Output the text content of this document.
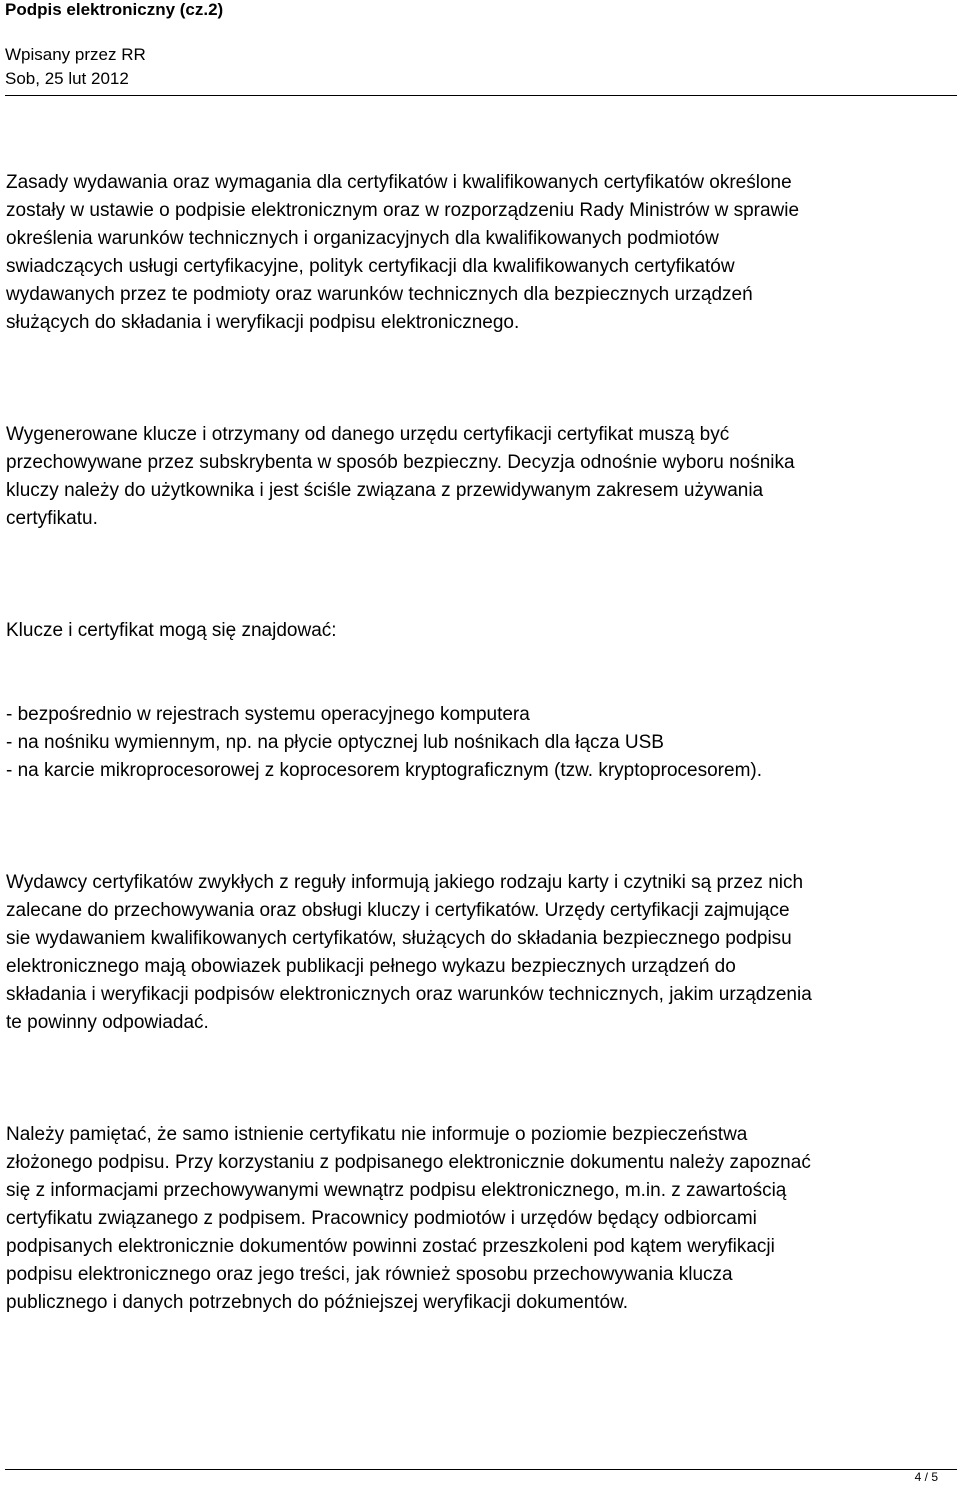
Podpis elektroniczny (cz.2)
Wpisany przez RR
Sob, 25 lut 2012
Zasady wydawania oraz wymagania dla certyfikatów i kwalifikowanych certyfikatów określone
zostały w ustawie o podpisie elektronicznym oraz w rozporządzeniu Rady Ministrów w sprawie
określenia warunków technicznych i organizacyjnych dla kwalifikowanych podmiotów
swiadczących usługi certyfikacyjne, polityk certyfikacji dla kwalifikowanych certyfikatów
wydawanych przez te podmioty oraz warunków technicznych dla bezpiecznych urządzeń
służących do składania i weryfikacji podpisu elektronicznego.
Wygenerowane klucze i otrzymany od danego urzędu certyfikacji certyfikat muszą być
przechowywane przez subskrybenta w sposób bezpieczny. Decyzja odnośnie wyboru nośnika
kluczy należy do użytkownika i jest ściśle związana z przewidywanym zakresem używania
certyfikatu.
Klucze i certyfikat mogą się znajdować:
- bezpośrednio w rejestrach systemu operacyjnego komputera
- na nośniku wymiennym, np. na płycie optycznej lub nośnikach dla łącza USB
- na karcie mikroprocesorowej z koprocesorem kryptograficznym (tzw. kryptoprocesorem).
Wydawcy certyfikatów zwykłych z reguły informują jakiego rodzaju karty i czytniki są przez nich
zalecane do przechowywania oraz obsługi kluczy i certyfikatów. Urzędy certyfikacji zajmujące
sie wydawaniem kwalifikowanych certyfikatów, służących do składania bezpiecznego podpisu
elektronicznego mają obowiazek publikacji pełnego wykazu bezpiecznych urządzeń do
składania i weryfikacji podpisów elektronicznych oraz warunków technicznych, jakim urządzenia
te powinny odpowiadać.
Należy pamiętać, że samo istnienie certyfikatu nie informuje o poziomie bezpieczeństwa
złożonego podpisu. Przy korzystaniu z podpisanego elektronicznie dokumentu należy zapoznać
się z informacjami przechowywanymi wewnątrz podpisu elektronicznego, m.in. z zawartością
certyfikatu związanego z podpisem. Pracownicy podmiotów i urzędów będący odbiorcami
podpisanych elektronicznie dokumentów powinni zostać przeszkoleni pod kątem weryfikacji
podpisu elektronicznego oraz jego treści, jak również sposobu przechowywania klucza
publicznego i danych potrzebnych do późniejszej weryfikacji dokumentów.
4 / 5
